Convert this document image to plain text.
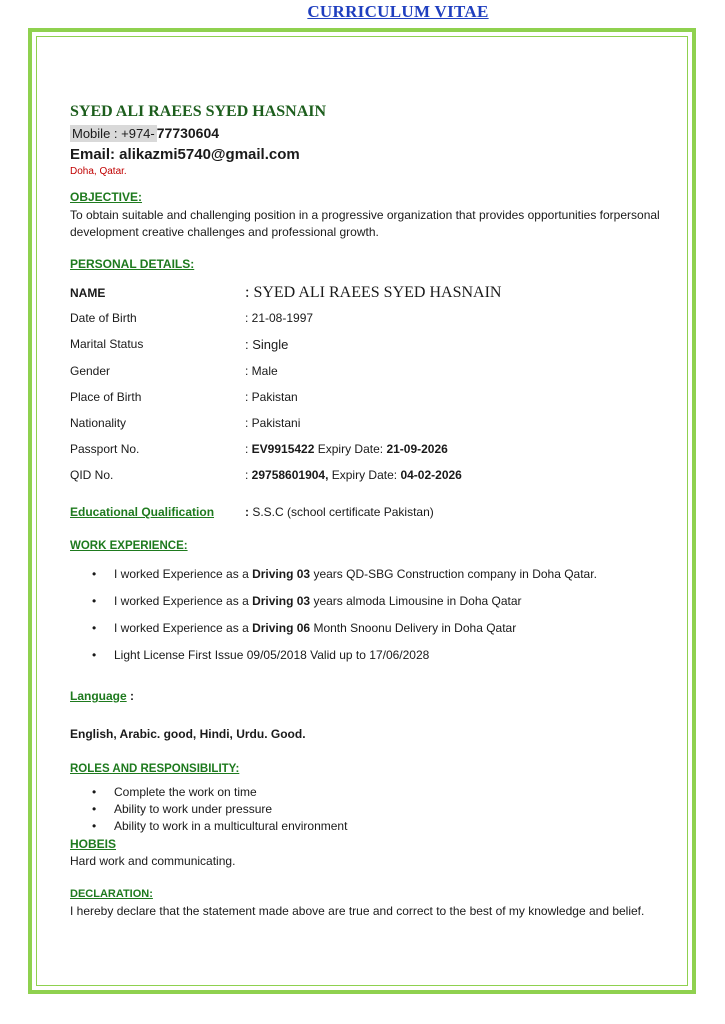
CURRICULUM VITAE
SYED ALI RAEES SYED HASNAIN
Mobile : +974- 77730604
Email: alikazmi5740@gmail.com
Doha, Qatar.
OBJECTIVE:
To obtain suitable and challenging position in a progressive organization that provides opportunities forpersonal development creative challenges and professional growth.
PERSONAL DETAILS:
NAME	: SYED ALI RAEES SYED HASNAIN
Date of Birth	: 21-08-1997
Marital Status	: Single
Gender	: Male
Place of Birth	: Pakistan
Nationality	: Pakistani
Passport No.	: EV9915422 Expiry Date: 21-09-2026
QID No.	: 29758601904, Expiry Date: 04-02-2026
Educational Qualification	: S.S.C (school certificate Pakistan)
WORK EXPERIENCE:
• I worked Experience as a Driving 03 years QD-SBG Construction company in Doha Qatar.
• I worked Experience as a Driving 03 years almoda Limousine in Doha Qatar
• I worked Experience as a Driving 06 Month Snoonu Delivery in Doha Qatar
• Light License First Issue 09/05/2018 Valid up to 17/06/2028
Language :
English, Arabic. good, Hindi, Urdu. Good.
ROLES AND RESPONSIBILITY:
• Complete the work on time
• Ability to work under pressure
• Ability to work in a multicultural environment
HOBEIS
Hard work and communicating.
DECLARATION:
I hereby declare that the statement made above are true and correct to the best of my knowledge and belief.
